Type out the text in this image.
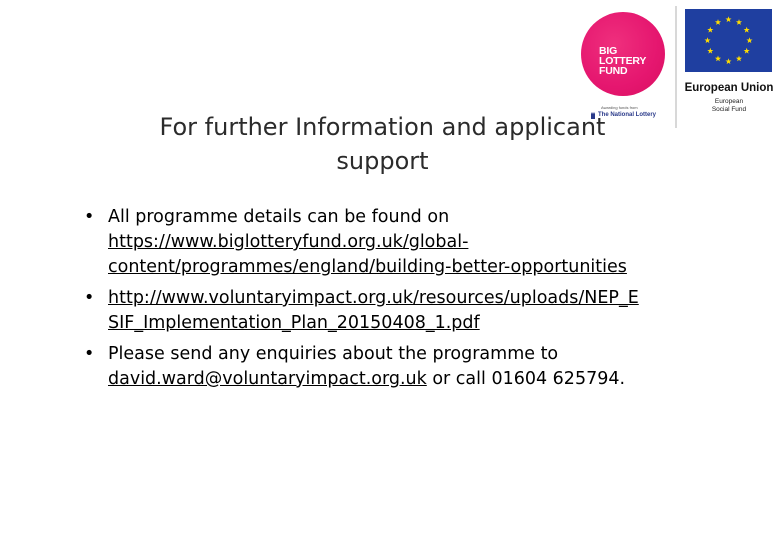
BIG
LOTTERY
FUND
Awarding funds from
The National Lottery
European Union
European
Social Fund
For further Information and applicant
support
• All programme details can be found on
https://www.biglotteryfund.org.uk/global-
content/programmes/england/building-better-opportunities
• http://www.voluntaryimpact.org.uk/resources/uploads/NEP_E
SIF_Implementation_Plan_20150408_1.pdf
• Please send any enquiries about the programme to
david.ward@voluntaryimpact.org.uk or call 01604 625794.
